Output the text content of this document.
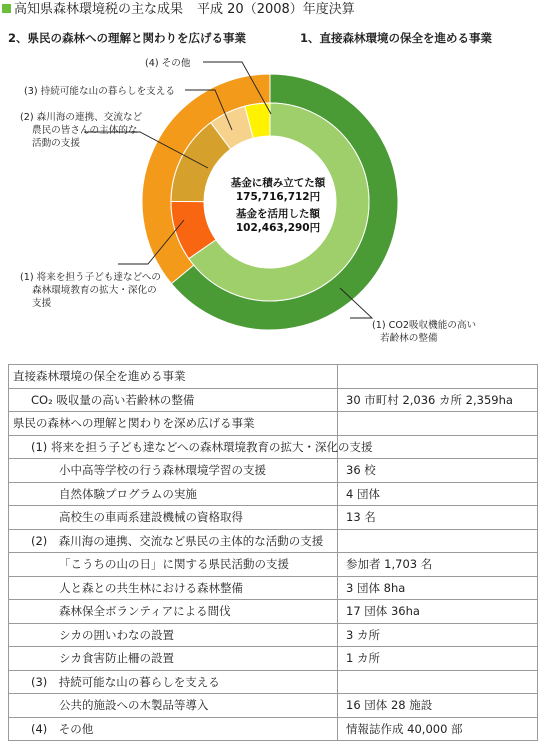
高知県森林環境税の主な成果 平成 20（2008）年度決算
2、県民の森林への理解と関わりを広げる事業	1、直接森林環境の保全を進める事業
(4) その他
(3) 持続可能な山の暮らしを支える
(2) 森川海の連携、交流など
農民の皆さんの主体的な
活動の支援
(1) 将来を担う子ども達などへの
森林環境教育の拡大・深化の
支援
(1) CO2吸収機能の高い
若齢林の整備
基金に積み立てた額
175,716,712円
基金を活用した額
102,463,290円
直接森林環境の保全を進める事業	
CO₂ 吸収量の高い若齢林の整備	30 市町村 2,036 カ所 2,359ha
県民の森林への理解と関わりを深め広げる事業	
(1) 将来を担う子ども達などへの森林環境教育の拡大・深化の支援	
小中高等学校の行う森林環境学習の支援	36 校
自然体験プログラムの実施	4 団体
高校生の車両系建設機械の資格取得	13 名
(2)　森川海の連携、交流など県民の主体的な活動の支援	
「こうちの山の日」に関する県民活動の支援	参加者 1,703 名
人と森との共生林における森林整備	3 団体 8ha
森林保全ボランティアによる間伐	17 団体 36ha
シカの囲いわなの設置	3 カ所
シカ食害防止柵の設置	1 カ所
(3)　持続可能な山の暮らしを支える	
公共的施設への木製品等導入	16 団体 28 施設
(4)　その他	情報誌作成 40,000 部
